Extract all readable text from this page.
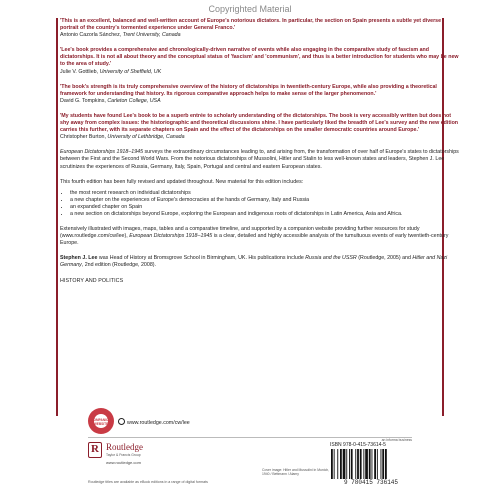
Copyrighted Material

'This is an excellent, balanced and well-written account of Europe's notorious dictators. In particular, the section on Spain presents a subtle yet diverse portrait of the country's tormented experience under General Franco.'

Antonio Cazorla Sánchez, Trent University, Canada

'Lee's book provides a comprehensive and chronologically-driven narrative of events while also engaging in the comparative study of fascism and dictatorships. It is not all about theory and the conceptual status of 'fascism' and 'communism', and thus is a better introduction for students who may be new to the area of study.'

Julie V. Gottlieb, University of Sheffield, UK

'The book's strength is its truly comprehensive overview of the history of dictatorships in twentieth-century Europe, while also providing a theoretical framework for understanding that history. Its rigorous comparative approach helps to make sense of the larger phenomenon.'

David G. Tompkins, Carleton College, USA

'My students have found Lee's book to be a superb entrée to scholarly understanding of the dictatorships. The book is very accessibly written but does not shy away from complex issues: the historiographic and theoretical discussions shine. I have particularly liked the breadth of Lee's survey and the new edition carries this further, with its separate chapters on Spain and the effect of the dictatorships on the smaller democratic countries around Europe.'

Christopher Burton, University of Lethbridge, Canada

European Dictatorships 1918–1945 surveys the extraordinary circumstances leading to, and arising from, the transformation of over half of Europe's states to dictatorships between the First and the Second World Wars. From the notorious dictatorships of Mussolini, Hitler and Stalin to less well-known states and leaders, Stephen J. Lee scrutinizes the experiences of Russia, Germany, Italy, Spain, Portugal and central and eastern European states.

This fourth edition has been fully revised and updated throughout. New material for this edition includes:

• the most recent research on individual dictatorships
• a new chapter on the experiences of Europe's democracies at the hands of Germany, Italy and Russia
• an expanded chapter on Spain
• a new section on dictatorships beyond Europe, exploring the European and indigenous roots of dictatorships in Latin America, Asia and Africa.

Extensively illustrated with images, maps, tables and a comparative timeline, and supported by a companion website providing further resources for study (www.routledge.com/cw/lee), European Dictatorships 1918–1945 is a clear, detailed and highly accessible analysis of the tumultuous events of early twentieth-century Europe.

Stephen J. Lee was Head of History at Bromsgrove School in Birmingham, UK. His publications include Russia and the USSR (Routledge, 2005) and Hitler and Nazi Germany, 2nd edition (Routledge, 2008).

HISTORY AND POLITICS

COMPANION WEBSITE	www.routledge.com/cw/lee
R Routledge
Taylor & Francis Group
www.routledge.com
Cover image: Hitler and Mussolini in Munich, 1940 / Bettmann / Alamy
an informa business
ISBN 978-0-415-73614-5
9 780415 736145
Routledge titles are available as eBook editions in a range of digital formats
